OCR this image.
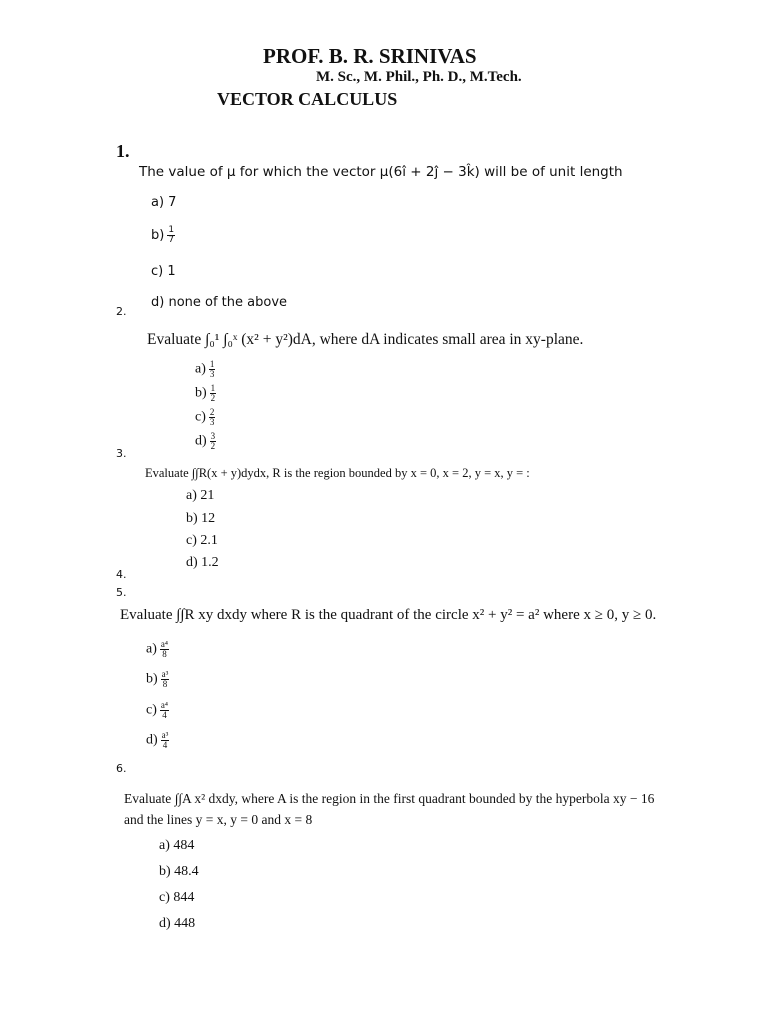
PROF. B. R. SRINIVAS
M. Sc., M. Phil., Ph. D., M.Tech.
VECTOR CALCULUS
1.
The value of μ for which the vector μ(6î + 2ĵ − 3k̂) will be of unit length
a) 7
$b) \frac{1}{7}$
c) 1
d) none of the above
2.
Evaluate ∫₀¹ ∫₀ˣ (x² + y²)dA, where dA indicates small area in xy-plane.
$a) \frac{1}{3}$
$b) \frac{1}{2}$
$c) \frac{2}{3}$
$d) \frac{3}{2}$
3.
Evaluate ∫∫R(x + y)dydx, R is the region bounded by x = 0, x = 2, y = x, y = :
a) 21
b) 12
c) 2.1
d) 1.2
4.
5.
Evaluate ∫∫R xy dxdy where R is the quadrant of the circle x² + y² = a² where x ≥ 0, y ≥ 0.
$a) \frac{\text{a⁴}}{8}$
$b) \frac{\text{a³}}{8}$
$c) \frac{\text{a⁴}}{4}$
$d) \frac{\text{a³}}{4}$
6.
Evaluate ∫∫A x² dxdy, where A is the region in the first quadrant bounded by the hyperbola xy − 16
and the lines y = x, y = 0 and x = 8
a) 484
b) 48.4
c) 844
d) 448
